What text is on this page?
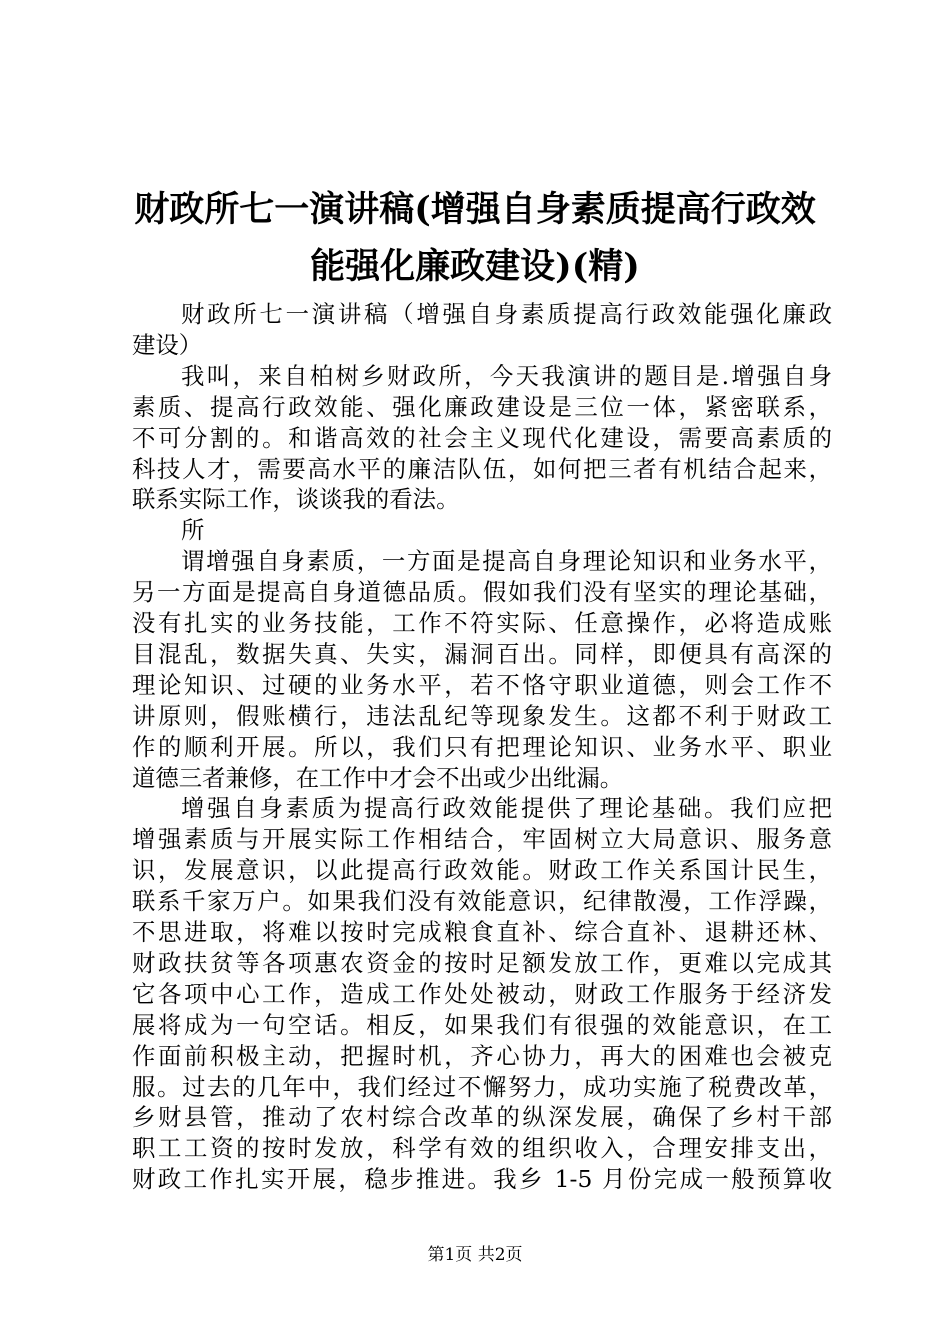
财政所七一演讲稿(增强自身素质提高行政效
能强化廉政建设)(精)
财政所七一演讲稿（增强自身素质提高行政效能强化廉政
建设）
我叫，来自柏树乡财政所，今天我演讲的题目是.增强自身
素质、提高行政效能、强化廉政建设是三位一体，紧密联系，
不可分割的。和谐高效的社会主义现代化建设，需要高素质的
科技人才，需要高水平的廉洁队伍，如何把三者有机结合起来，
联系实际工作，谈谈我的看法。
所
谓增强自身素质，一方面是提高自身理论知识和业务水平，
另一方面是提高自身道德品质。假如我们没有坚实的理论基础，
没有扎实的业务技能，工作不符实际、任意操作，必将造成账
目混乱，数据失真、失实，漏洞百出。同样，即便具有高深的
理论知识、过硬的业务水平，若不恪守职业道德，则会工作不
讲原则，假账横行，违法乱纪等现象发生。这都不利于财政工
作的顺利开展。所以，我们只有把理论知识、业务水平、职业
道德三者兼修，在工作中才会不出或少出纰漏。
增强自身素质为提高行政效能提供了理论基础。我们应把
增强素质与开展实际工作相结合，牢固树立大局意识、服务意
识，发展意识，以此提高行政效能。财政工作关系国计民生，
联系千家万户。如果我们没有效能意识，纪律散漫，工作浮躁，
不思进取，将难以按时完成粮食直补、综合直补、退耕还林、
财政扶贫等各项惠农资金的按时足额发放工作，更难以完成其
它各项中心工作，造成工作处处被动，财政工作服务于经济发
展将成为一句空话。相反，如果我们有很强的效能意识，在工
作面前积极主动，把握时机，齐心协力，再大的困难也会被克
服。过去的几年中，我们经过不懈努力，成功实施了税费改革，
乡财县管，推动了农村综合改革的纵深发展，确保了乡村干部
职工工资的按时发放，科学有效的组织收入，合理安排支出，
财政工作扎实开展，稳步推进。我乡 1-5 月份完成一般预算收
第1页 共2页
